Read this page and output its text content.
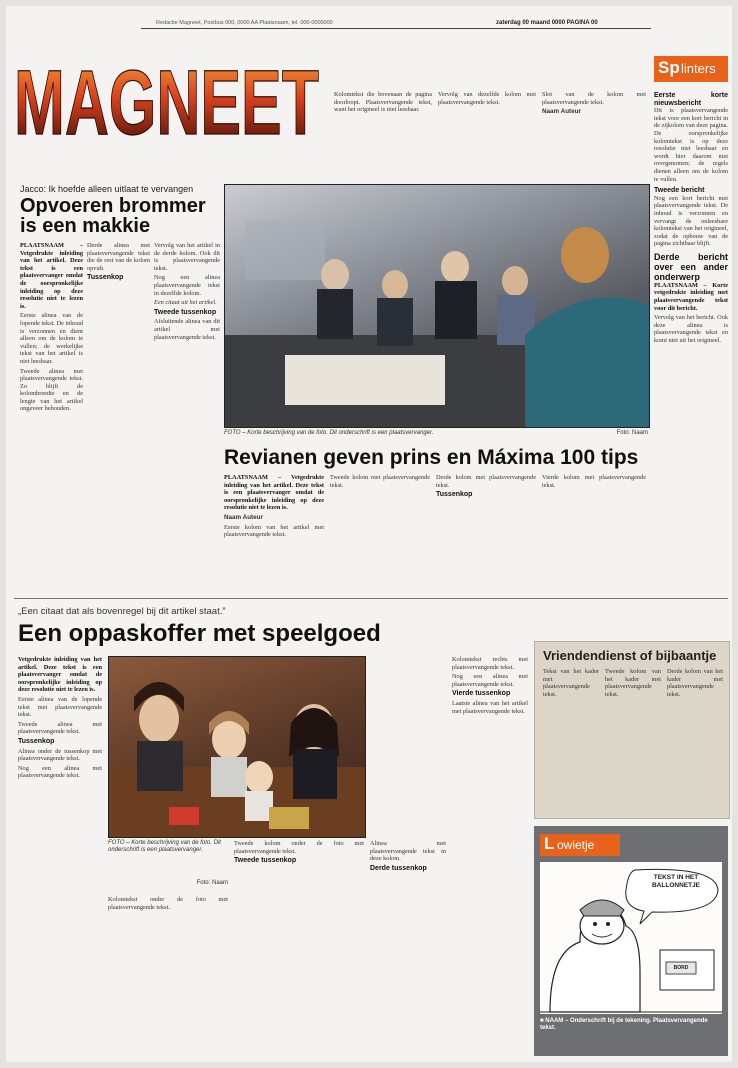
MAGNEET
Redactie Magneet, Postbus 000, 0000 AA Plaatsnaam, tel. 000-0000000	zaterdag 00 maand 0000 PAGINA 00
Sp linters
Eerste korte nieuwsbericht

Dit is plaatsvervangende tekst voor een kort bericht in de zijkolom van deze pagina. De oorspronkelijke kolomtekst is op deze resolutie niet leesbaar en wordt hier daarom niet overgenomen; de regels dienen alleen om de kolom te vullen.

Tweede bericht

Nog een kort bericht met plaatsvervangende tekst. De inhoud is verzonnen en vervangt de onleesbare kolomtekst van het origineel, zodat de opbouw van de pagina zichtbaar blijft.

Derde bericht over een ander onderwerp

PLAATSNAAM – Korte vetgedrukte inleiding met plaatsvervangende tekst voor dit bericht.

Vervolg van het bericht. Ook deze alinea is plaatsvervangende tekst en komt niet uit het origineel.

Kolomtekst die bovenaan de pagina doorloopt. Plaatsvervangende tekst, want het origineel is niet leesbaar.

Vervolg van dezelfde kolom met plaatsvervangende tekst.

Slot van de kolom met plaatsvervangende tekst.

Naam Auteur

Jacco: Ik hoefde alleen uitlaat te vervangen
Opvoeren brommer is een makkie

PLAATSNAAM – Vetgedrukte inleiding van het artikel. Deze tekst is een plaatsvervanger omdat de oorspronkelijke inleiding op deze resolutie niet te lezen is.

Eerste alinea van de lopende tekst. De inhoud is verzonnen en dient alleen om de kolom te vullen; de werkelijke tekst van het artikel is niet leesbaar.

Tweede alinea met plaatsvervangende tekst. Zo blijft de kolombreedte en de lengte van het artikel ongeveer behouden.

Derde alinea met plaatsvervangende tekst die de rest van de kolom opvult.

Tussenkop

Vervolg van het artikel in de derde kolom. Ook dit is plaatsvervangende tekst.

Nog een alinea plaatsvervangende tekst in dezelfde kolom.

Een citaat uit het artikel.

Tweede tussenkop

Afsluitende alinea van dit artikel met plaatsvervangende tekst.

FOTO – Korte beschrijving van de foto. Dit onderschrift is een plaatsvervanger.	Foto: Naam
Revianen geven prins en Máxima 100 tips

PLAATSNAAM – Vetgedrukte inleiding van het artikel. Deze tekst is een plaatsvervanger omdat de oorspronkelijke inleiding op deze resolutie niet te lezen is.

Naam Auteur

Eerste kolom van het artikel met plaatsvervangende tekst.

Tweede kolom met plaatsvervangende tekst.

Derde kolom met plaatsvervangende tekst.

Tussenkop

Vierde kolom met plaatsvervangende tekst.

„Een citaat dat als bovenregel bij dit artikel staat.”
Een oppaskoffer met speelgoed

Vetgedrukte inleiding van het artikel. Deze tekst is een plaatsvervanger omdat de oorspronkelijke inleiding op deze resolutie niet te lezen is.

Eerste alinea van de lopende tekst met plaatsvervangende tekst.

Tweede alinea met plaatsvervangende tekst.

Tussenkop

Alinea onder de tussenkop met plaatsvervangende tekst.

Nog een alinea met plaatsvervangende tekst.

FOTO – Korte beschrijving van de foto. Dit onderschrift is een plaatsvervanger.
Foto: Naam

Kolomtekst onder de foto met plaatsvervangende tekst.

Tweede kolom onder de foto met plaatsvervangende tekst.

Tweede tussenkop

Alinea met plaatsvervangende tekst in deze kolom.

Derde tussenkop

Kolomtekst rechts met plaatsvervangende tekst.

Nog een alinea met plaatsvervangende tekst.

Vierde tussenkop

Laatste alinea van het artikel met plaatsvervangende tekst.

Vriendendienst of bijbaantje

Tekst van het kader met plaatsvervangende tekst.

Tweede kolom van het kader met plaatsvervangende tekst.

Derde kolom van het kader met plaatsvervangende tekst.

L owietje
TEKST IN HET BALLONNETJE
BORD
■ NAAM – Onderschrift bij de tekening. Plaatsvervangende tekst.
